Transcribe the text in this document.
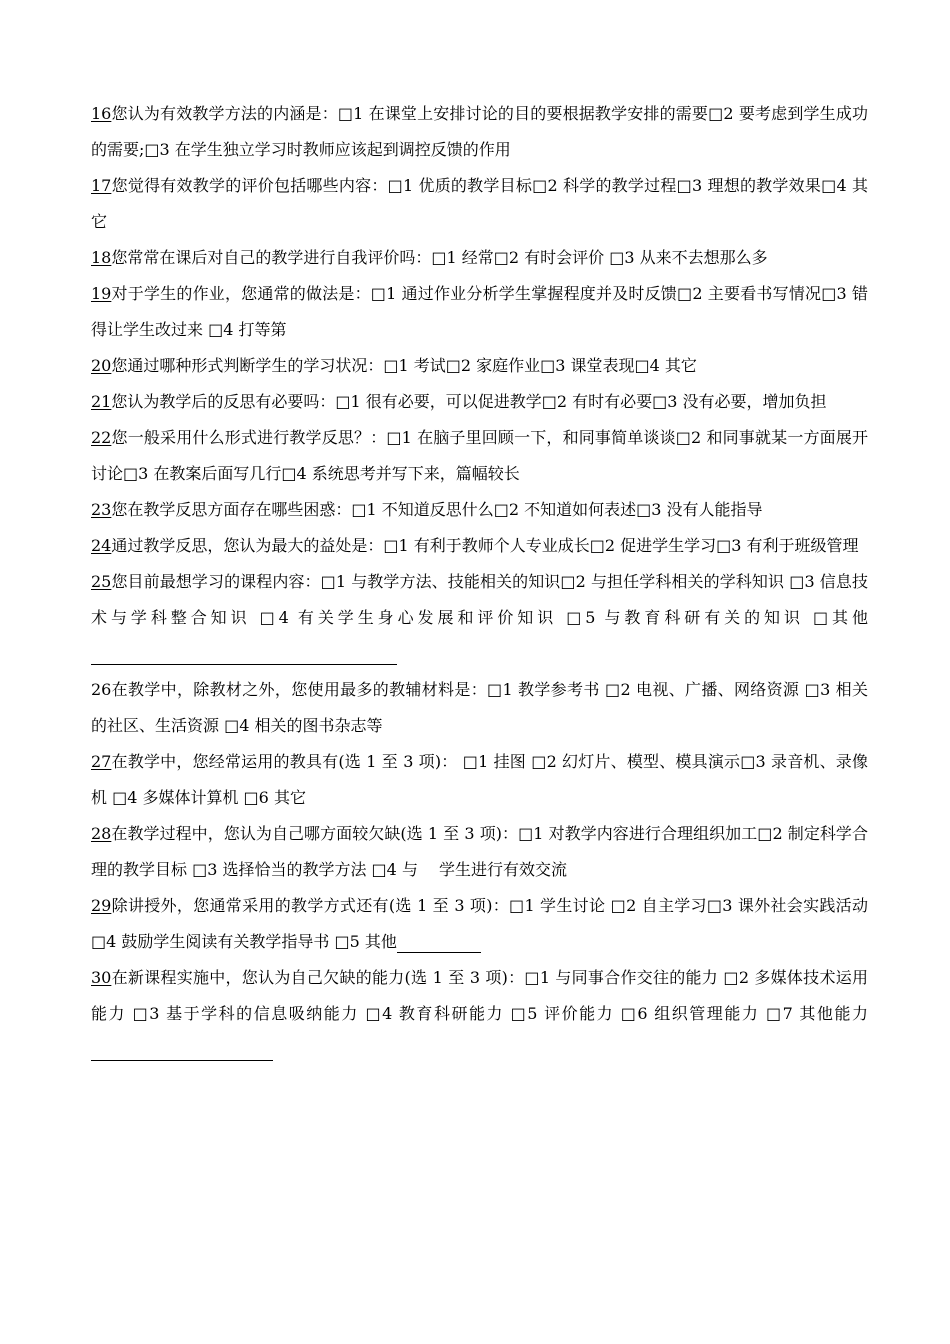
16您认为有效教学方法的内涵是：□1 在课堂上安排讨论的目的要根据教学安排的需要□2 要考虑到学生成功的需要;□3 在学生独立学习时教师应该起到调控反馈的作用

17您觉得有效教学的评价包括哪些内容：□1 优质的教学目标□2 科学的教学过程□3 理想的教学效果□4 其它

18您常常在课后对自己的教学进行自我评价吗：□1 经常□2 有时会评价 □3 从来不去想那么多

19对于学生的作业，您通常的做法是：□1 通过作业分析学生掌握程度并及时反馈□2 主要看书写情况□3 错得让学生改过来 □4 打等第

20您通过哪种形式判断学生的学习状况：□1 考试□2 家庭作业□3 课堂表现□4 其它

21您认为教学后的反思有必要吗：□1 很有必要，可以促进教学□2 有时有必要□3 没有必要，增加负担

22您一般采用什么形式进行教学反思？：□1 在脑子里回顾一下，和同事简单谈谈□2 和同事就某一方面展开讨论□3 在教案后面写几行□4 系统思考并写下来，篇幅较长

23您在教学反思方面存在哪些困惑：□1 不知道反思什么□2 不知道如何表述□3 没有人能指导

24通过教学反思，您认为最大的益处是：□1 有利于教师个人专业成长□2 促进学生学习□3 有利于班级管理

25您目前最想学习的课程内容：□1 与教学方法、技能相关的知识□2 与担任学科相关的学科知识 □3 信息技术与学科整合知识 □4 有关学生身心发展和评价知识 □5 与教育科研有关的知识 □其他

26在教学中，除教材之外，您使用最多的教辅材料是：□1 教学参考书 □2 电视、广播、网络资源 □3 相关的社区、生活资源 □4 相关的图书杂志等

27在教学中，您经常运用的教具有(选 1 至 3 项)： □1 挂图 □2 幻灯片、模型、模具演示□3 录音机、录像机 □4 多媒体计算机 □6 其它

28在教学过程中，您认为自己哪方面较欠缺(选 1 至 3 项)：□1 对教学内容进行合理组织加工□2 制定科学合理的教学目标 □3 选择恰当的教学方法 □4 与　 学生进行有效交流

29除讲授外，您通常采用的教学方式还有(选 1 至 3 项)：□1 学生讨论 □2 自主学习□3 课外社会实践活动 □4 鼓励学生阅读有关教学指导书 □5 其他

30在新课程实施中，您认为自己欠缺的能力(选 1 至 3 项)：□1 与同事合作交往的能力 □2 多媒体技术运用能力 □3 基于学科的信息吸纳能力 □4 教育科研能力 □5 评价能力 □6 组织管理能力 □7 其他能力
